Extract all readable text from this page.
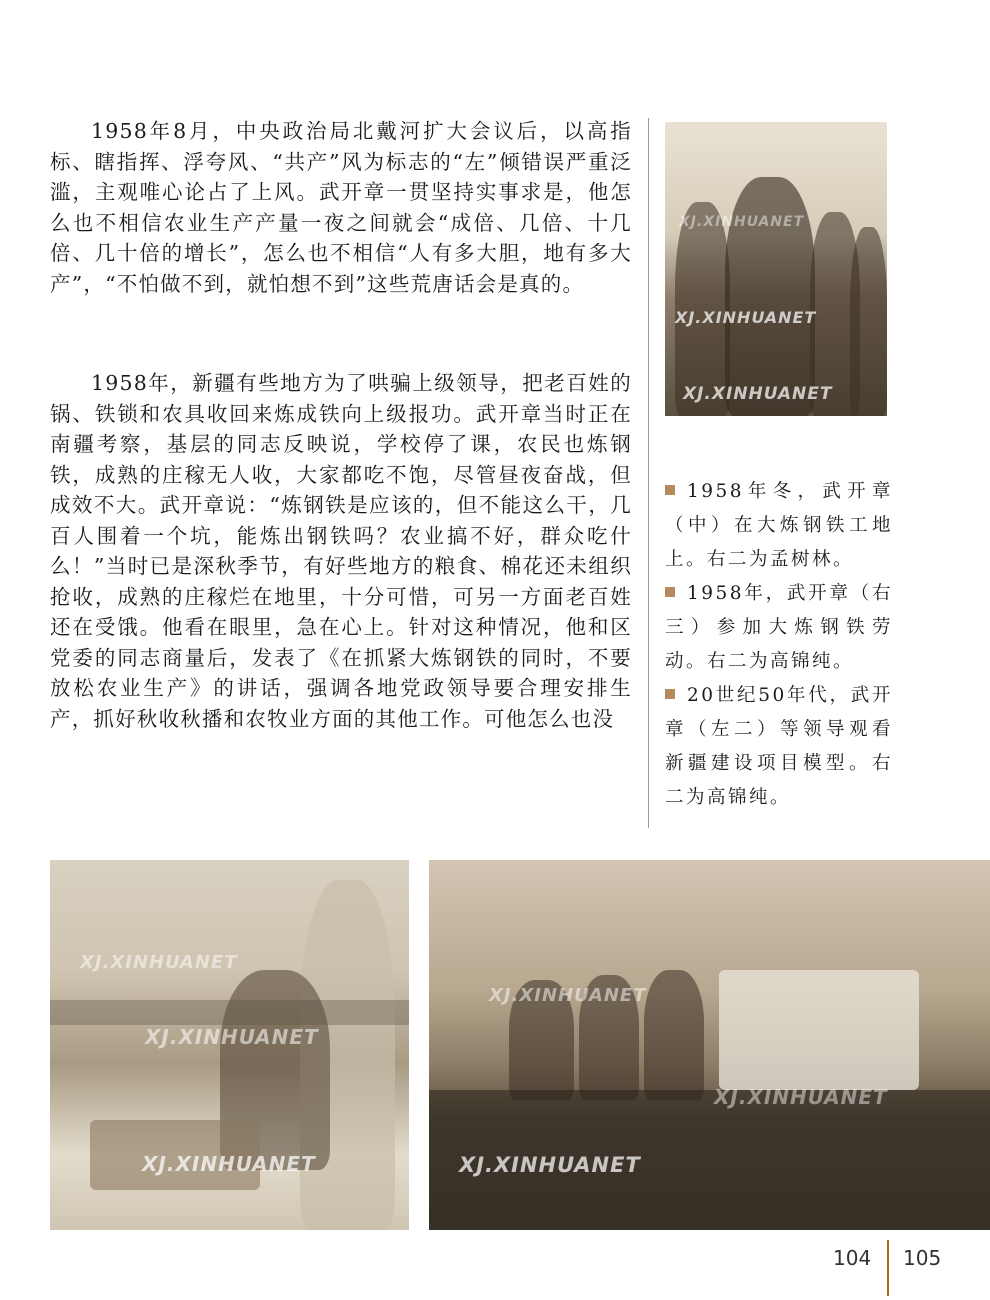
1958年8月，中央政治局北戴河扩大会议后，以高指标、瞎指挥、浮夸风、“共产”风为标志的“左”倾错误严重泛滥，主观唯心论占了上风。武开章一贯坚持实事求是，他怎么也不相信农业生产产量一夜之间就会“成倍、几倍、十几倍、几十倍的增长”，怎么也不相信“人有多大胆，地有多大产”，“不怕做不到，就怕想不到”这些荒唐话会是真的。

1958年，新疆有些地方为了哄骗上级领导，把老百姓的锅、铁锁和农具收回来炼成铁向上级报功。武开章当时正在南疆考察，基层的同志反映说，学校停了课，农民也炼钢铁，成熟的庄稼无人收，大家都吃不饱，尽管昼夜奋战，但成效不大。武开章说：“炼钢铁是应该的，但不能这么干，几百人围着一个坑，能炼出钢铁吗？农业搞不好，群众吃什么！”当时已是深秋季节，有好些地方的粮食、棉花还未组织抢收，成熟的庄稼烂在地里，十分可惜，可另一方面老百姓还在受饿。他看在眼里，急在心上。针对这种情况，他和区党委的同志商量后，发表了《在抓紧大炼钢铁的同时，不要放松农业生产》的讲话，强调各地党政领导要合理安排生产，抓好秋收秋播和农牧业方面的其他工作。可他怎么也没

XJ.XINHUANET
XJ.XINHUANET
XJ.XINHUANET

1958年冬，武开章（中）在大炼钢铁工地上。右二为孟树林。

1958年，武开章（右三）参加大炼钢铁劳动。右二为高锦纯。

20世纪50年代，武开章（左二）等领导观看新疆建设项目模型。右二为高锦纯。

XJ.XINHUANET
XJ.XINHUANET
XJ.XINHUANET
XJ.XINHUANET
XJ.XINHUANET
XJ.XINHUANET
104 105
